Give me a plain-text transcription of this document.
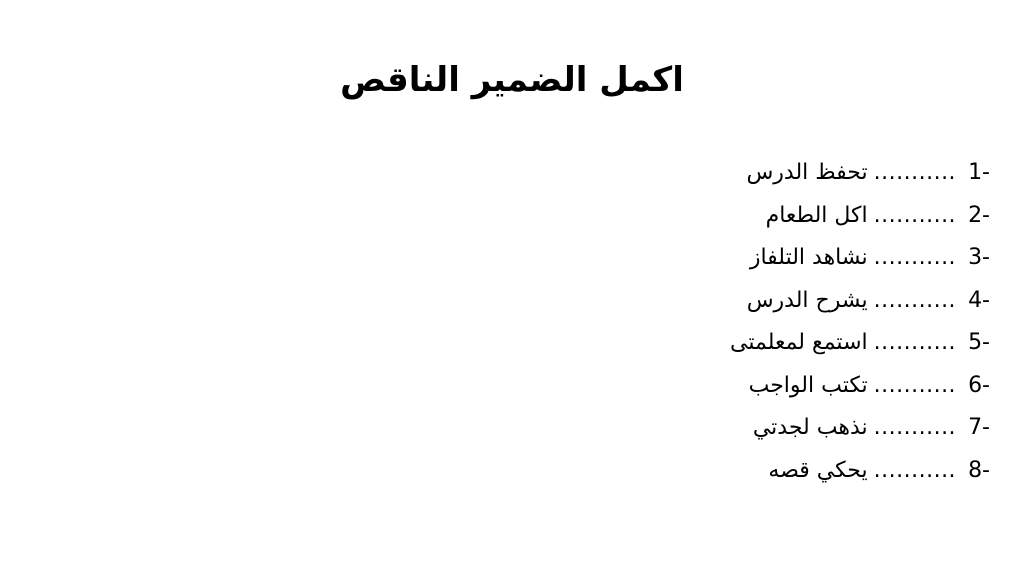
اكمل الضمير الناقص
1-...........تحفظ الدرس
2-...........اكل الطعام
3-...........نشاهد التلفاز
4-...........يشرح الدرس
5-...........استمع لمعلمتى
6-...........تكتب الواجب
7-...........نذهب لجدتي
8-...........يحكي قصه
